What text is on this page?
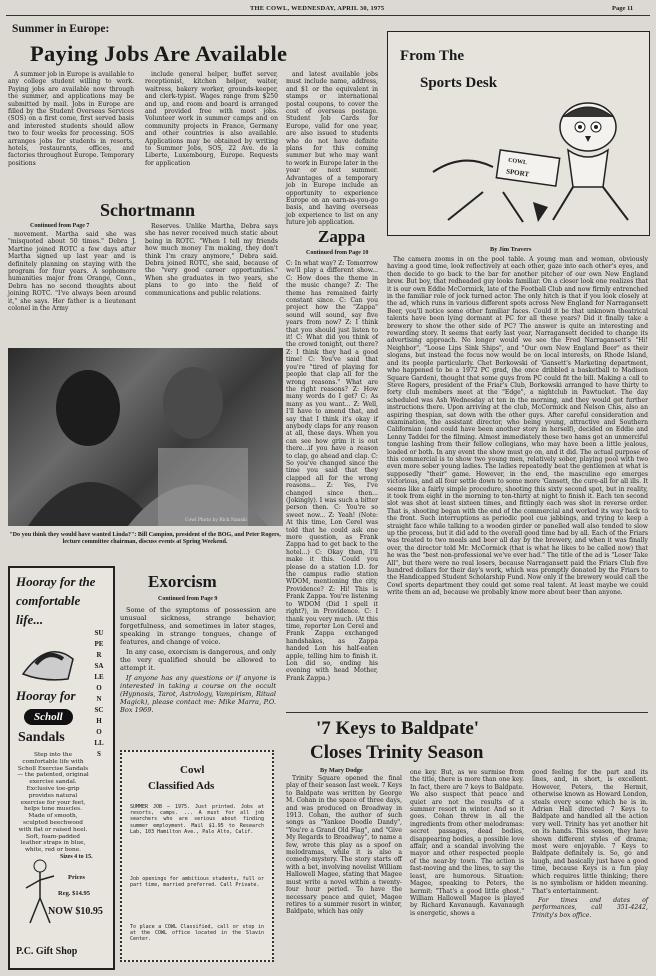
THE COWL, WEDNESDAY, APRIL 30, 1975	Page 11
Summer in Europe:
Paying Jobs Are Available

A summer job in Europe is available to any college student willing to work. Paying jobs are available now through the summer, and applications may be submitted by mail. Jobs in Europe are filled by the Student Overseas Services (SOS) on a first come, first served basis and interested students should allow two to four weeks for processing. SOS arranges jobs for students in resorts, hotels, restaurants, offices, and factories throughout Europe. Temporary positions

include general helper, buffet server, receptionist, kitchen helper, waiter, waitress, bakery worker, grounds-keeper, and clerk-typist. Wages range from $250 and up, and room and board is arranged and provided free with most jobs. Volunteer work in summer camps and on community projects in France, Germany and other countries is also available. Applications may be obtained by writing to Summer Jobs, SOS, 22 Ave. de la Liberte, Luxembourg, Europe. Requests for application

and latest available jobs must include name, address, and $1 or the equivalent in stamps or international postal coupons, to cover the cost of overseas postage. Student Job Cards for Europe, valid for one year, are also issued to students who do not have definite plans for this coming summer but who may want to work in Europe later in the year or next summer. Advantages of a temporary job in Europe include an opportunity to experience Europe on an earn-as-you-go basis, and having overseas job experience to list on any future job application.

From The
Sports Desk
COWL
SPORT
By Jim Travers

The camera zooms in on the pool table. A young man and woman, obviously having a good time, look reflectively at each other, gaze into each other's eyes, and then decide to go back to the bar for another pitcher of our own New England brew. But boy, that redheaded guy looks familiar. On a closer look one realizes that it is our own Eddie McCormick, late of the Football Club and now firmly entrenched in the familiar role of jock turned actor. The only hitch is that if you look closely at the ad, which runs in various different spots across New England for Narragansett Beer, you'll notice some other familiar faces. Could it be that unknown theatrical talents have been lying dormant at PC for all these years? Did it finally take a brewery to show the other side of PC? The answer is quite an interesting and rewarding story. It seems that early last year, Narragansett decided to change its advertising approach. No longer would we see the Fred Narragansett's "Hi! Neighbor", "Loose Lips Sink Ships", and "Our own New England Beer" as their slogans, but instead the focus now would be on local interests, on Rhode Island, and its people particularly. Chet Borkowski of 'Gansett's Marketing department, who happened to be a 1972 PC grad, (he once dribbled a basketball to Madison Square Garden), thought that some guys from PC could fit the bill. Making a call to Steve Rogers, president of the Friar's Club, Borkowski arranged to have thirty to forty club members meet at the "Edge", a nightclub in Pawtucket. The day scheduled was Ash Wednesday at ten in the morning, and they would get further instructions there. Upon arriving at the club, McCormick and Nelson Chis, also an aspiring thespian, sat down with the other guys. After careful consideration and examination, the assistant director, who being young, attractive and Southern Californian (and could have been another story in herself), decided on Eddie and Lenny Taddei for the filming. Almost immediately these two hams got an unmerciful tongue lashing from their fellow collegians, who may have been a little jealous, loaded or both. In any event the show must go on, and it did. The actual purpose of this commercial is to show two young men, relatively sober, playing pool with two even more sober young ladies. The ladies repeatedly beat the gentlemen at what is supposedly "their" game. However, in the end, the masculine ego emerges victorious, and all four settle down to some more 'Gansett, the cure-all for all ills. It seems like a fairly simple procedure, shooting this sixty second spot, but in reality, it took from eight in the morning to ten-thirty at night to finish it. Each ten second slot was shot at least sixteen times, and fittingly each was shot in reverse order. That is, shooting began with the end of the commercial and worked its way back to the front. Such interruptions as periodic pool cue jabbings, and trying to keep a straight face while talking to a wooden girder or panelled wall also tended to slow up the process, but it did add to the overall good time had by all. Each of the Friars was treated to two meals and beer all day by the brewery, and when it was finally over, the director told Mr. McCormick (that is what he likes to be called now) that he was the "best non-professional we've ever had." The title of the ad is "Loser Take All", but there were no real losers, because Narragansett paid the Friars Club five hundred dollars for their day's work, which was promptly donated by the Friars to the Handicapped Student Scholarship Fund. Now only if the brewery would call the Cowl sports department they could get some real talent. At least maybe we could write them an ad, because we probably know more about beer than anyone.

Schortmann
Continued from Page 7

movement. Martha said she was "misquoted about 50 times." Debra J. Martine joined ROTC a few days after Martha signed up last year and is definitely planning on staying with the program for four years. A sophomore humanities major from Orange, Conn., Debra has no second thoughts about joining ROTC. "I've always been around it," she says. Her father is a lieutenant colonel in the Army

Reserves. Unlike Martha, Debra says she has never received much static about being in ROTC. "When I tell my friends how much money I'm making, they don't think I'm crazy anymore," Debra said. Debra joined ROTC, she said, because of the "very good career opportunities." When she graduates in two years, she plans to go into the field of communications and public relations.

Zappa
Continued from Page 10

C: In what way? Z: Tomorrow we'll play a different show... C: How does the theme in the music change? Z: The theme has remained fairly constant since. C: Can you project how the "Zappa" sound will sound, say five years from now? Z: I think that you should just listen to it! C: What did you think of the crowd tonight, out there? Z: I think they had a good time! C: You've said that you're "tired of playing for people that clap all for the wrong reasons." What are the right reasons? Z: How many words do I get? C: As many as you want... Z: Well, I'll have to amend that, and say that I think it's okay if anybody claps for any reason at all, these days. When you can see how grim it is out there...if you have a reason to clap, go ahead and clap. C: So you've changed since the time you said that they clapped all for the wrong reasons... Z: Yes, I've changed since then... (Jokingly). I was such a bitter person then. C: You're so sweet now... Z: Yeah! (Note: At this time, Lon Cerel was told that he could ask one more question, as Frank Zappa had to get back to the hotel...) C: Okay then, I'll make it this. Could you please do a station I.D. for the campus radio station WDOM, mentioning the city, Providence? Z: Hi! This is Frank Zappa. You're listening to WDOM (Did I spell it right?), in Providence. C: I thank you very much. (At this time, reporter Lon Cerel and Frank Zappa exchanged handshakes, as Zappa handed Lon his half-eaten apple, telling him to finish it. Lon did so, ending his evening with head Mother, Frank Zappa.)

Cowl Photo by Rick Nanski
"Do you think they would have wanted Linda?": Bill Campion, president of the BOG, and Peter Rogers, lecture committee chairman, discuss events at Spring Weekend.
Hooray for the
comfortable
life...
Hooray for
Scholl
Sandals
Step into the comfortable life with Scholl Exercise Sandals — the patented, original exercise sandal. Exclusive toe-grip provides natural exercise for your feet, helps tone muscles. Made of smooth, sculpted beechwood with flat or raised heel. Soft, foam-padded leather straps in blue, white, red or bone.
SUPER SALE ON SCHOLLS
Sizes 4 to 15.
Prices
Reg. $14.95
NOW $10.95
P.C. Gift Shop
Exorcism
Continued from Page 9

Some of the symptoms of possession are unusual sickness, strange behavior, forgetfulness, and sometimes in later stages, speaking in strange tongues, change of features, and change of voice.

In any case, exorcism is dangerous, and only the very qualified should be allowed to attempt it.

If anyone has any questions or if anyone is interested in taking a course on the occult (Hypnosis, Tarot, Astrology, Vampirism, Ritual Magick), please contact me: Mike Marra, P.O. Box 1969.

Cowl
Classified Ads
SUMMER JOB — 1975. Just printed. Jobs at resorts, camps. ... A must for all job searchers who are serious about finding summer employment. Mail $1.95 to Research Lab, 103 Hamilton Ave., Palo Alto, Calif.
Job openings for ambitious students, full or part time, married preferred. Call Private.
To place a COWL Classified, call or stop in at the COWL office located in the Slavin Center.
'7 Keys to Baldpate'
Closes Trinity Season
By Mary Dodge

Trinity Square opened the final play of their season last week. 7 Keys to Baldpate was written by George M. Cohan in the space of three days, and was produced on Broadway in 1913. Cohan, the author of such songs as "Yankee Doodle Dandy", "You're a Grand Old Flag", and "Give My Regards to Broadway", to name a few, wrote this play as a spoof on melodramas, while it is also a comedy-mystery. The story starts off with a bet, involving novelist William Hallowell Magee, stating that Magee must write a novel within a twenty-four hour period. To have the necessary peace and quiet, Magee retires to a summer resort in winter, Baldpate, which has only

one key. But, as we surmise from the title, there is more than one key. In fact, there are 7 keys to Baldpate. We also suspect that peace and quiet are not the results of a summer resort in winter. And so it goes. Cohan threw in all the ingredients from other melodramas: secret passages, dead bodies, disappearing bodies, a possible love affair, and a scandal involving the mayor and other respected people of the near-by town. The action is fast-moving and the lines, to say the least, are humorous. Situation: Magee, speaking to Peters, the hermit: "That's a good little ghost." William Hallowell Magee is played by Richard Kavanaugh. Kavanaugh is energetic, shows a

good feeling for the part and its lines, and, in short, is excellent. However, Peters, the Hermit, otherwise known as Howard London, steals every scene which he is in. Adrian Hall directed 7 Keys to Baldpate and handled all the action very well. Trinity has yet another hit on its hands. This season, they have shown different styles of drama; most were enjoyable. 7 Keys to Baldpate definitely is. So, go and laugh, and basically just have a good time, because Keys is a fun play which requires little thinking; there is no symbolism or hidden meaning. That's entertainment.

For times and dates of performances, call 351-4242, Trinity's box office.
